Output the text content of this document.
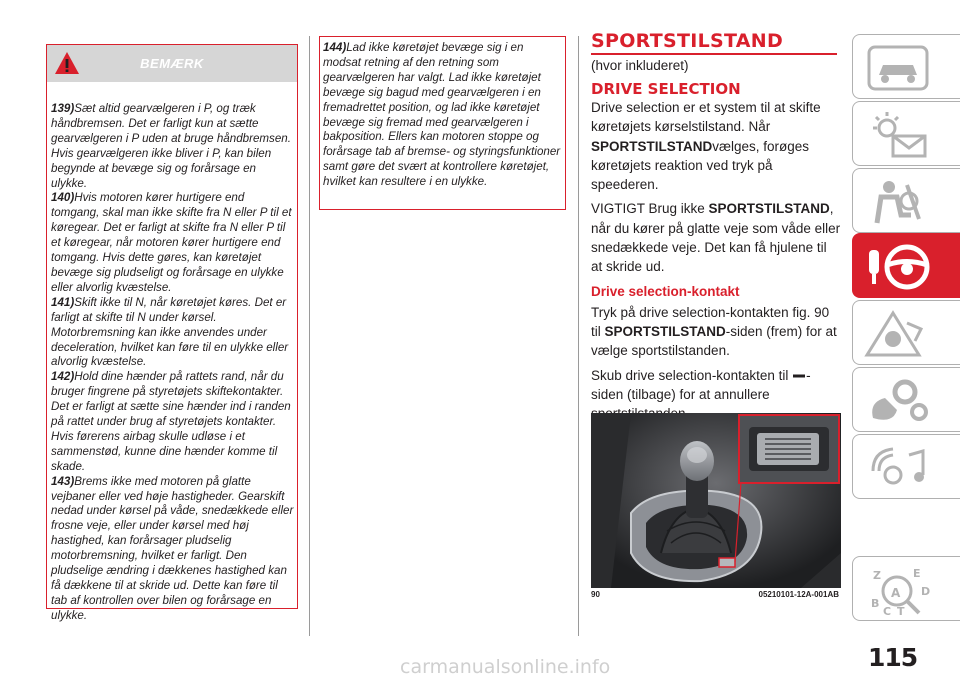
BEMÆRK

139)Sæt altid gearvælgeren i P, og træk håndbremsen. Det er farligt kun at sætte gearvælgeren i P uden at bruge håndbremsen. Hvis gearvælgeren ikke bliver i P, kan bilen begynde at bevæge sig og forårsage en ulykke.

140)Hvis motoren kører hurtigere end tomgang, skal man ikke skifte fra N eller P til et køregear. Det er farligt at skifte fra N eller P til et køregear, når motoren kører hurtigere end tomgang. Hvis dette gøres, kan køretøjet bevæge sig pludseligt og forårsage en ulykke eller alvorlig kvæstelse.

141)Skift ikke til N, når køretøjet køres. Det er farligt at skifte til N under kørsel. Motorbremsning kan ikke anvendes under deceleration, hvilket kan føre til en ulykke eller alvorlig kvæstelse.

142)Hold dine hænder på rattets rand, når du bruger fingrene på styretøjets skiftekontakter. Det er farligt at sætte sine hænder ind i randen på rattet under brug af styretøjets kontakter. Hvis førerens airbag skulle udløse i et sammenstød, kunne dine hænder komme til skade.

143)Brems ikke med motoren på glatte vejbaner eller ved høje hastigheder. Gearskift nedad under kørsel på våde, snedækkede eller frosne veje, eller under kørsel med høj hastighed, kan forårsager pludselig motorbremsning, hvilket er farligt. Den pludselige ændring i dækkenes hastighed kan få dækkene til at skride ud. Dette kan føre til tab af kontrollen over bilen og forårsage en ulykke.

144)Lad ikke køretøjet bevæge sig i en modsat retning af den retning som gearvælgeren har valgt. Lad ikke køretøjet bevæge sig bagud med gearvælgeren i en fremadrettet position, og lad ikke køretøjet bevæge sig fremad med gearvælgeren i bakposition. Ellers kan motoren stoppe og forårsage tab af bremse- og styringsfunktioner samt gøre det svært at kontrollere køretøjet, hvilket kan resultere i en ulykke.

SPORTSTILSTAND
(hvor inkluderet)
DRIVE SELECTION

Drive selection er et system til at skifte køretøjets kørselstilstand. Når SPORTSTILSTANDvælges, forøges køretøjets reaktion ved tryk på speederen.

VIGTIGT Brug ikke SPORTSTILSTAND, når du kører på glatte veje som våde eller snedækkede veje. Det kan få hjulene til at skride ud.

Drive selection-kontakt

Tryk på drive selection-kontakten fig. 90 til SPORTSTILSTAND-siden (frem) for at vælge sportstilstanden.

Skub drive selection-kontakten til -siden (tilbage) for at annullere

90	05210101-12A-001AB
Z	E
A D
B
C T
115
carmanualsonline.info
